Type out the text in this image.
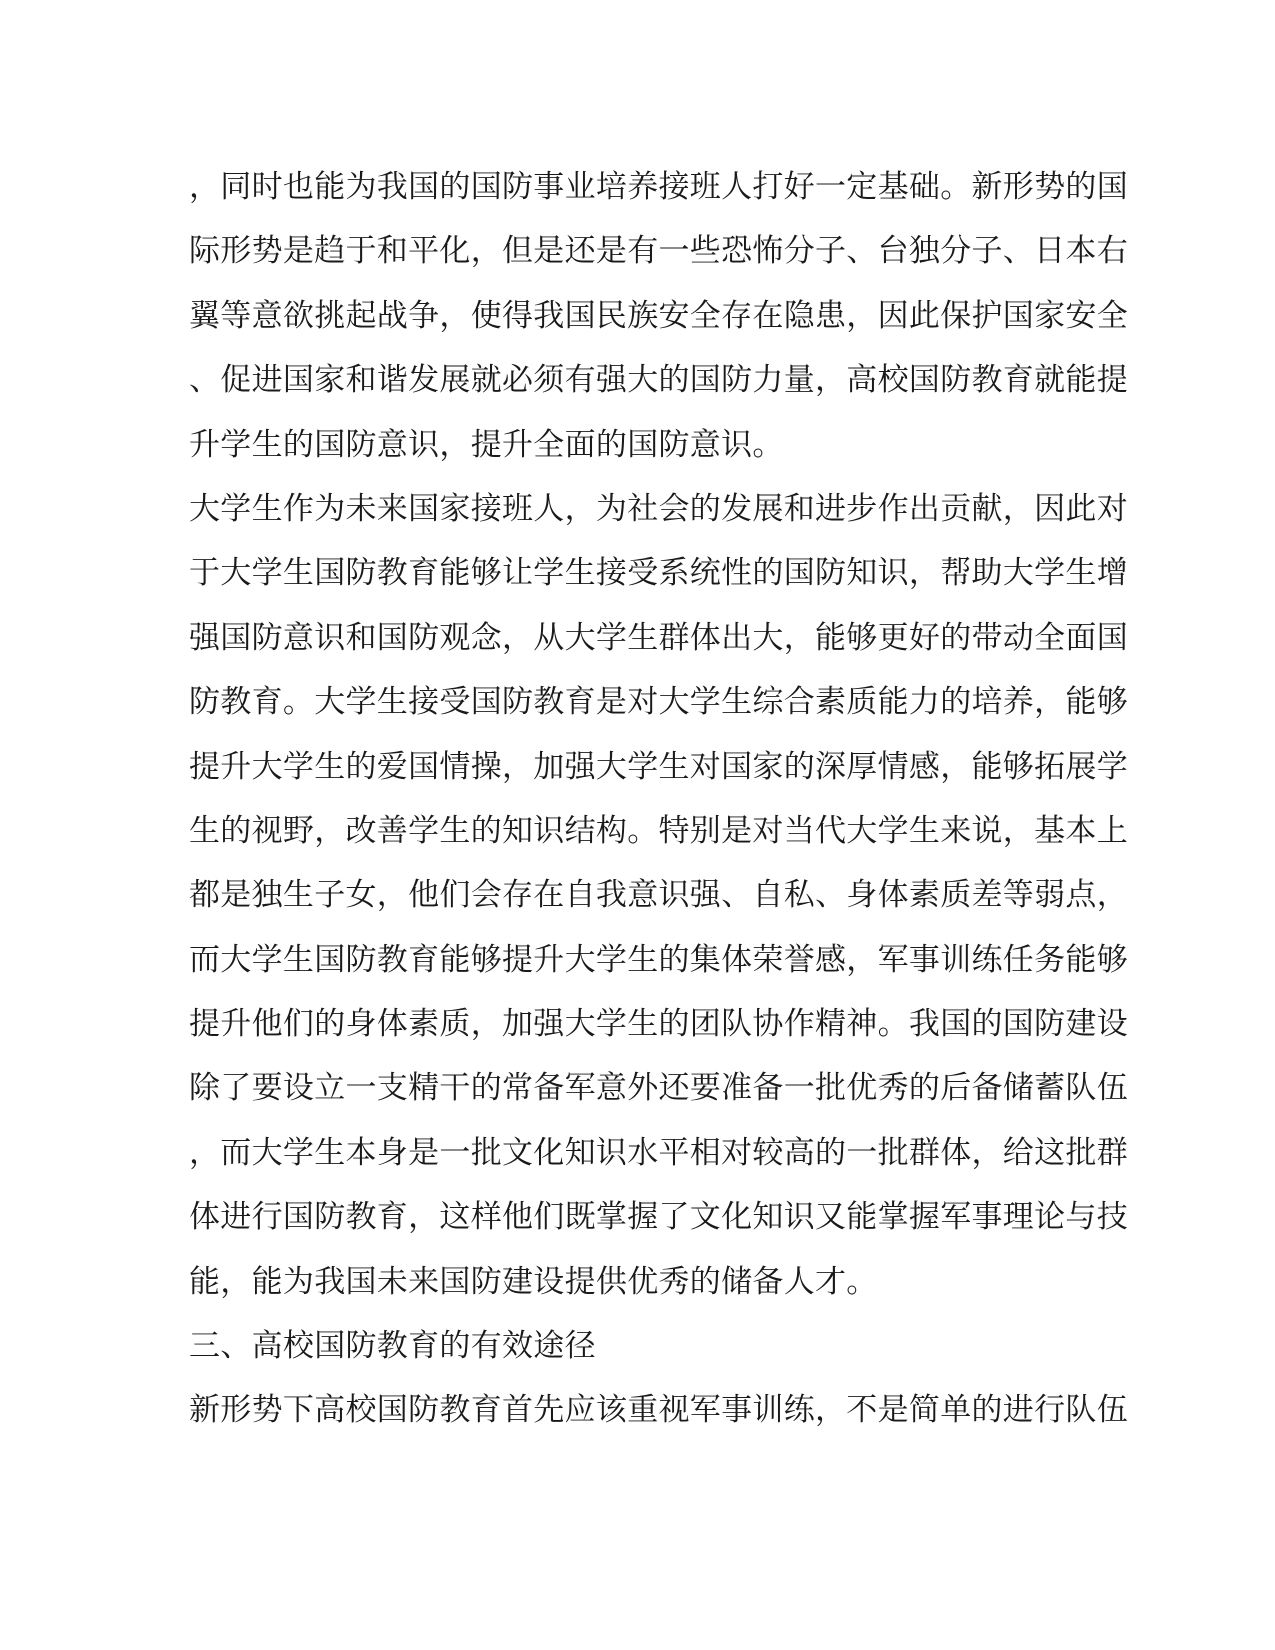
，同时也能为我国的国防事业培养接班人打好一定基础。新形势的国
际形势是趋于和平化，但是还是有一些恐怖分子、台独分子、日本右
翼等意欲挑起战争，使得我国民族安全存在隐患，因此保护国家安全
、促进国家和谐发展就必须有强大的国防力量，高校国防教育就能提
升学生的国防意识，提升全面的国防意识。
大学生作为未来国家接班人，为社会的发展和进步作出贡献，因此对
于大学生国防教育能够让学生接受系统性的国防知识，帮助大学生增
强国防意识和国防观念，从大学生群体出大，能够更好的带动全面国
防教育。大学生接受国防教育是对大学生综合素质能力的培养，能够
提升大学生的爱国情操，加强大学生对国家的深厚情感，能够拓展学
生的视野，改善学生的知识结构。特别是对当代大学生来说，基本上
都是独生子女，他们会存在自我意识强、自私、身体素质差等弱点，
而大学生国防教育能够提升大学生的集体荣誉感，军事训练任务能够
提升他们的身体素质，加强大学生的团队协作精神。我国的国防建设
除了要设立一支精干的常备军意外还要准备一批优秀的后备储蓄队伍
，而大学生本身是一批文化知识水平相对较高的一批群体，给这批群
体进行国防教育，这样他们既掌握了文化知识又能掌握军事理论与技
能，能为我国未来国防建设提供优秀的储备人才。
三、高校国防教育的有效途径
新形势下高校国防教育首先应该重视军事训练，不是简单的进行队伍
